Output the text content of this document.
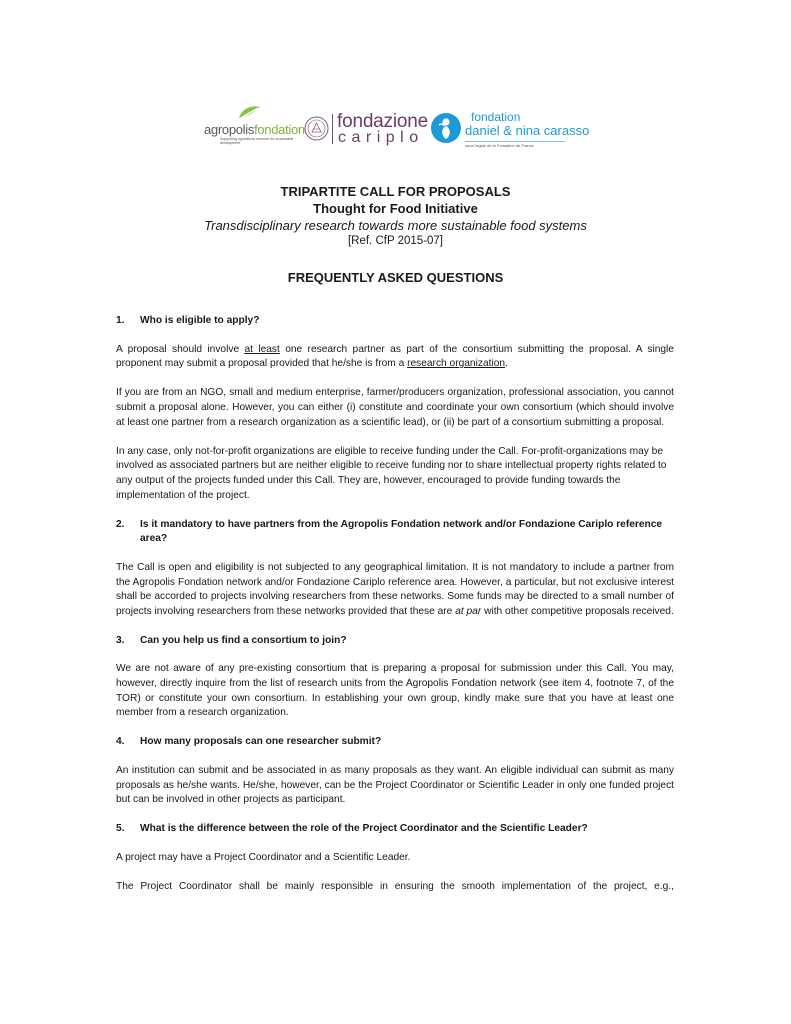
agropolisfondation
Supporting agricultural research for sustainable development
fondazione
cariplo
fondation
daniel & nina carasso
sous l'égide de la Fondation de France
TRIPARTITE CALL FOR PROPOSALS
Thought for Food Initiative
Transdisciplinary research towards more sustainable food systems
[Ref. CfP 2015-07]
FREQUENTLY ASKED QUESTIONS
1.	Who is eligible to apply?
A proposal should involve at least one research partner as part of the consortium submitting the proposal. A single proponent may submit a proposal provided that he/she is from a research organization.
If you are from an NGO, small and medium enterprise, farmer/producers organization, professional association, you cannot submit a proposal alone. However, you can either (i) constitute and coordinate your own consortium (which should involve at least one partner from a research organization as a scientific lead), or (ii) be part of a consortium submitting a proposal.
In any case, only not-for-profit organizations are eligible to receive funding under the Call. For-profit-organizations may be involved as associated partners but are neither eligible to receive funding nor to share intellectual property rights related to any output of the projects funded under this Call. They are, however, encouraged to provide funding towards the implementation of the project.
2.	Is it mandatory to have partners from the Agropolis Fondation network and/or Fondazione Cariplo reference area?
The Call is open and eligibility is not subjected to any geographical limitation. It is not mandatory to include a partner from the Agropolis Fondation network and/or Fondazione Cariplo reference area. However, a particular, but not exclusive interest shall be accorded to projects involving researchers from these networks. Some funds may be directed to a small number of projects involving researchers from these networks provided that these are at par with other competitive proposals received.
3.	Can you help us find a consortium to join?
We are not aware of any pre-existing consortium that is preparing a proposal for submission under this Call. You may, however, directly inquire from the list of research units from the Agropolis Fondation network (see item 4, footnote 7, of the TOR) or constitute your own consortium. In establishing your own group, kindly make sure that you have at least one member from a research organization.
4.	How many proposals can one researcher submit?
An institution can submit and be associated in as many proposals as they want. An eligible individual can submit as many proposals as he/she wants. He/she, however, can be the Project Coordinator or Scientific Leader in only one funded project but can be involved in other projects as participant.
5.	What is the difference between the role of the Project Coordinator and the Scientific Leader?
A project may have a Project Coordinator and a Scientific Leader.
The Project Coordinator shall be mainly responsible in ensuring the smooth implementation of the project, e.g.,
